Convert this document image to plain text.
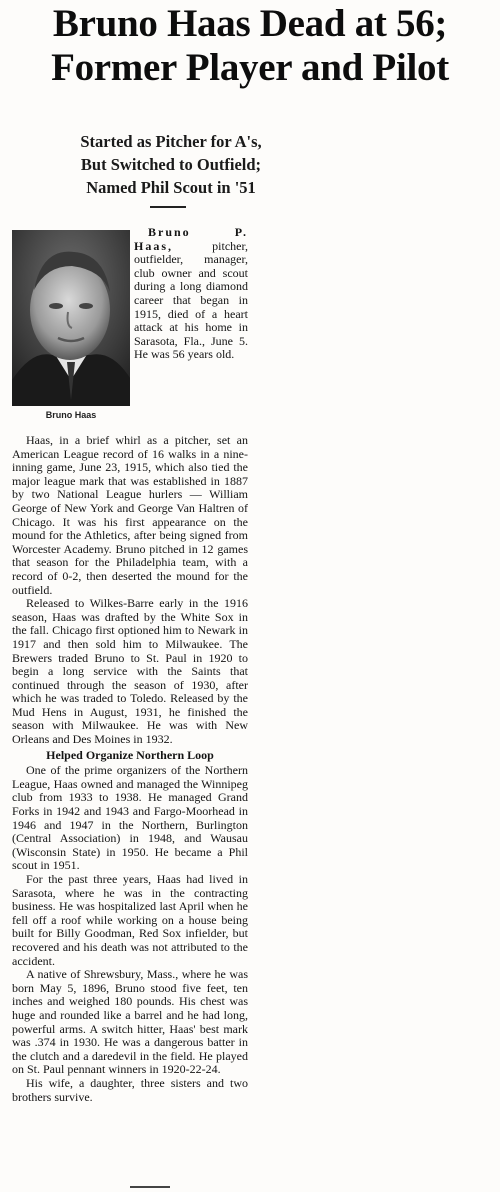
Bruno Haas Dead at 56;
Former Player and Pilot
Started as Pitcher for A's,
But Switched to Outfield;
Named Phil Scout in '51
Bruno Haas

Bruno P. Haas, pitcher, outfielder, manager, club owner and scout during a long diamond career that began in 1915, died of a heart attack at his home in Sarasota, Fla., June 5. He was 56 years old.

Haas, in a brief whirl as a pitcher, set an American League record of 16 walks in a nine-inning game, June 23, 1915, which also tied the major league mark that was established in 1887 by two National League hurlers — William George of New York and George Van Haltren of Chicago. It was his first appearance on the mound for the Athletics, after being signed from Worcester Academy. Bruno pitched in 12 games that season for the Philadelphia team, with a record of 0-2, then deserted the mound for the outfield.

Released to Wilkes-Barre early in the 1916 season, Haas was drafted by the White Sox in the fall. Chicago first optioned him to Newark in 1917 and then sold him to Milwaukee. The Brewers traded Bruno to St. Paul in 1920 to begin a long service with the Saints that continued through the season of 1930, after which he was traded to Toledo. Released by the Mud Hens in August, 1931, he finished the season with Milwaukee. He was with New Orleans and Des Moines in 1932.

Helped Organize Northern Loop

One of the prime organizers of the Northern League, Haas owned and managed the Winnipeg club from 1933 to 1938. He managed Grand Forks in 1942 and 1943 and Fargo-Moorhead in 1946 and 1947 in the Northern, Burlington (Central Association) in 1948, and Wausau (Wisconsin State) in 1950. He became a Phil scout in 1951.

For the past three years, Haas had lived in Sarasota, where he was in the contracting business. He was hospitalized last April when he fell off a roof while working on a house being built for Billy Goodman, Red Sox infielder, but recovered and his death was not attributed to the accident.

A native of Shrewsbury, Mass., where he was born May 5, 1896, Bruno stood five feet, ten inches and weighed 180 pounds. His chest was huge and rounded like a barrel and he had long, powerful arms. A switch hitter, Haas' best mark was .374 in 1930. He was a dangerous batter in the clutch and a daredevil in the field. He played on St. Paul pennant winners in 1920-22-24.

His wife, a daughter, three sisters and two brothers survive.
